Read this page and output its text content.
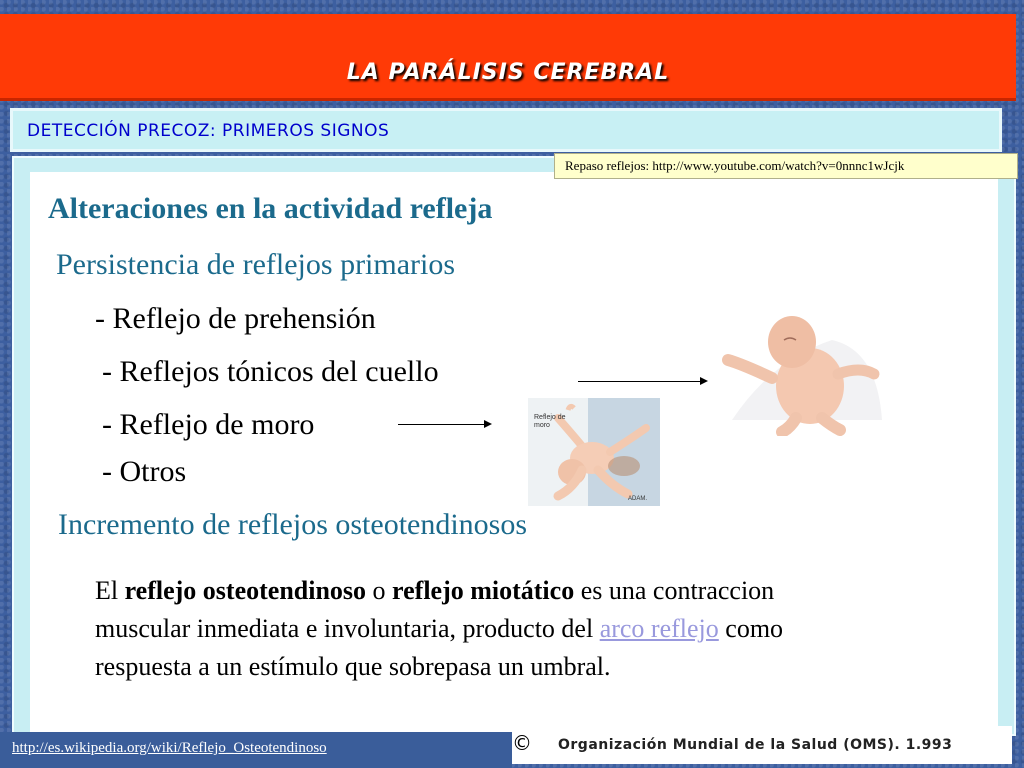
LA PARÁLISIS CEREBRAL
DETECCIÓN PRECOZ: PRIMEROS SIGNOS
Repaso reflejos: http://www.youtube.com/watch?v=0nnnc1wJcjk
Alteraciones en la actividad refleja
Persistencia de reflejos primarios
- Reflejo de prehensión
- Reflejos tónicos del cuello
- Reflejo de moro
- Otros
Reflejo de moro
ADAM.
Incremento de reflejos osteotendinosos
El reflejo osteotendinoso o reflejo miotático es una contraccion muscular inmediata e involuntaria, producto del arco reflejo como respuesta a un estímulo que sobrepasa un umbral.
http://es.wikipedia.org/wiki/Reflejo_Osteotendinoso	© Organización Mundial de la Salud (OMS). 1.993
